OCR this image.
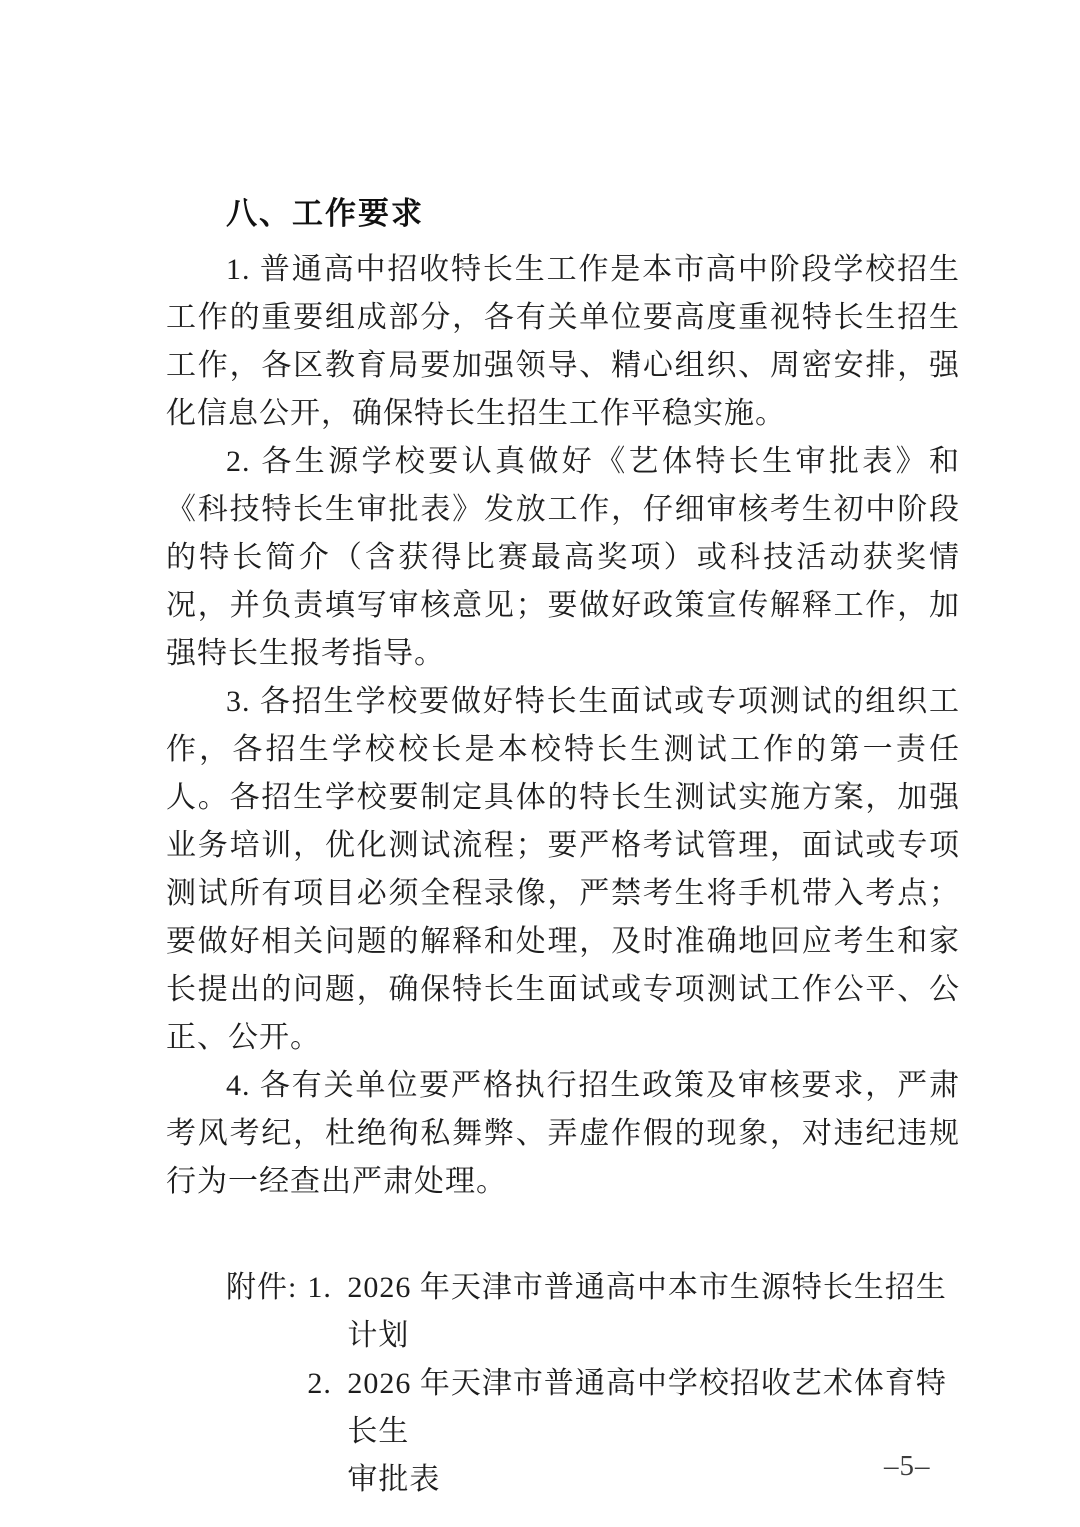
八、工作要求

1. 普通高中招收特长生工作是本市高中阶段学校招生工作的重要组成部分，各有关单位要高度重视特长生招生工作，各区教育局要加强领导、精心组织、周密安排，强化信息公开，确保特长生招生工作平稳实施。

2. 各生源学校要认真做好《艺体特长生审批表》和《科技特长生审批表》发放工作，仔细审核考生初中阶段的特长简介（含获得比赛最高奖项）或科技活动获奖情况，并负责填写审核意见；要做好政策宣传解释工作，加强特长生报考指导。

3. 各招生学校要做好特长生面试或专项测试的组织工作，各招生学校校长是本校特长生测试工作的第一责任人。各招生学校要制定具体的特长生测试实施方案，加强业务培训，优化测试流程；要严格考试管理，面试或专项测试所有项目必须全程录像，严禁考生将手机带入考点；要做好相关问题的解释和处理，及时准确地回应考生和家长提出的问题，确保特长生面试或专项测试工作公平、公正、公开。

4. 各有关单位要严格执行招生政策及审核要求，严肃考风考纪，杜绝徇私舞弊、弄虚作假的现象，对违纪违规行为一经查出严肃处理。

附件: 1. 2026 年天津市普通高中本市生源特长生招生计划
2. 2026 年天津市普通高中学校招收艺术体育特长生
审批表	–5–
